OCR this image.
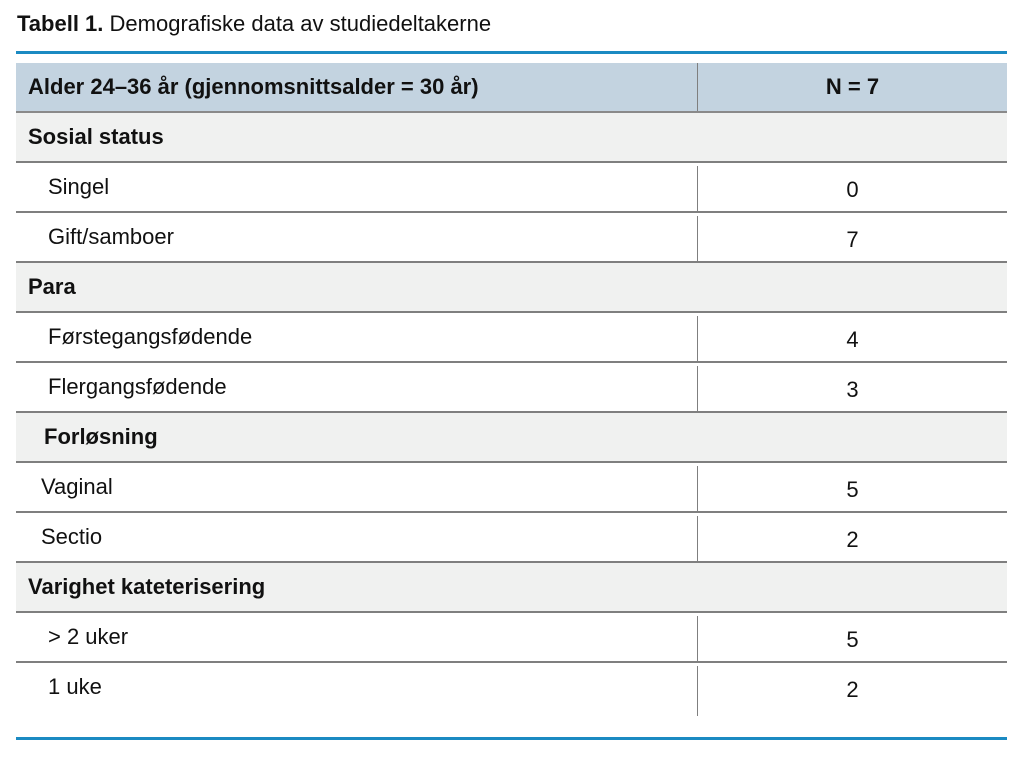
Tabell 1. Demografiske data av studiedeltakerne
Alder 24–36 år (gjennomsnittsalder = 30 år)	N = 7
Sosial status
Singel	0
Gift/samboer	7
Para
Førstegangsfødende	4
Flergangsfødende	3
Forløsning
Vaginal	5
Sectio	2
Varighet kateterisering
> 2 uker	5
1 uke	2
